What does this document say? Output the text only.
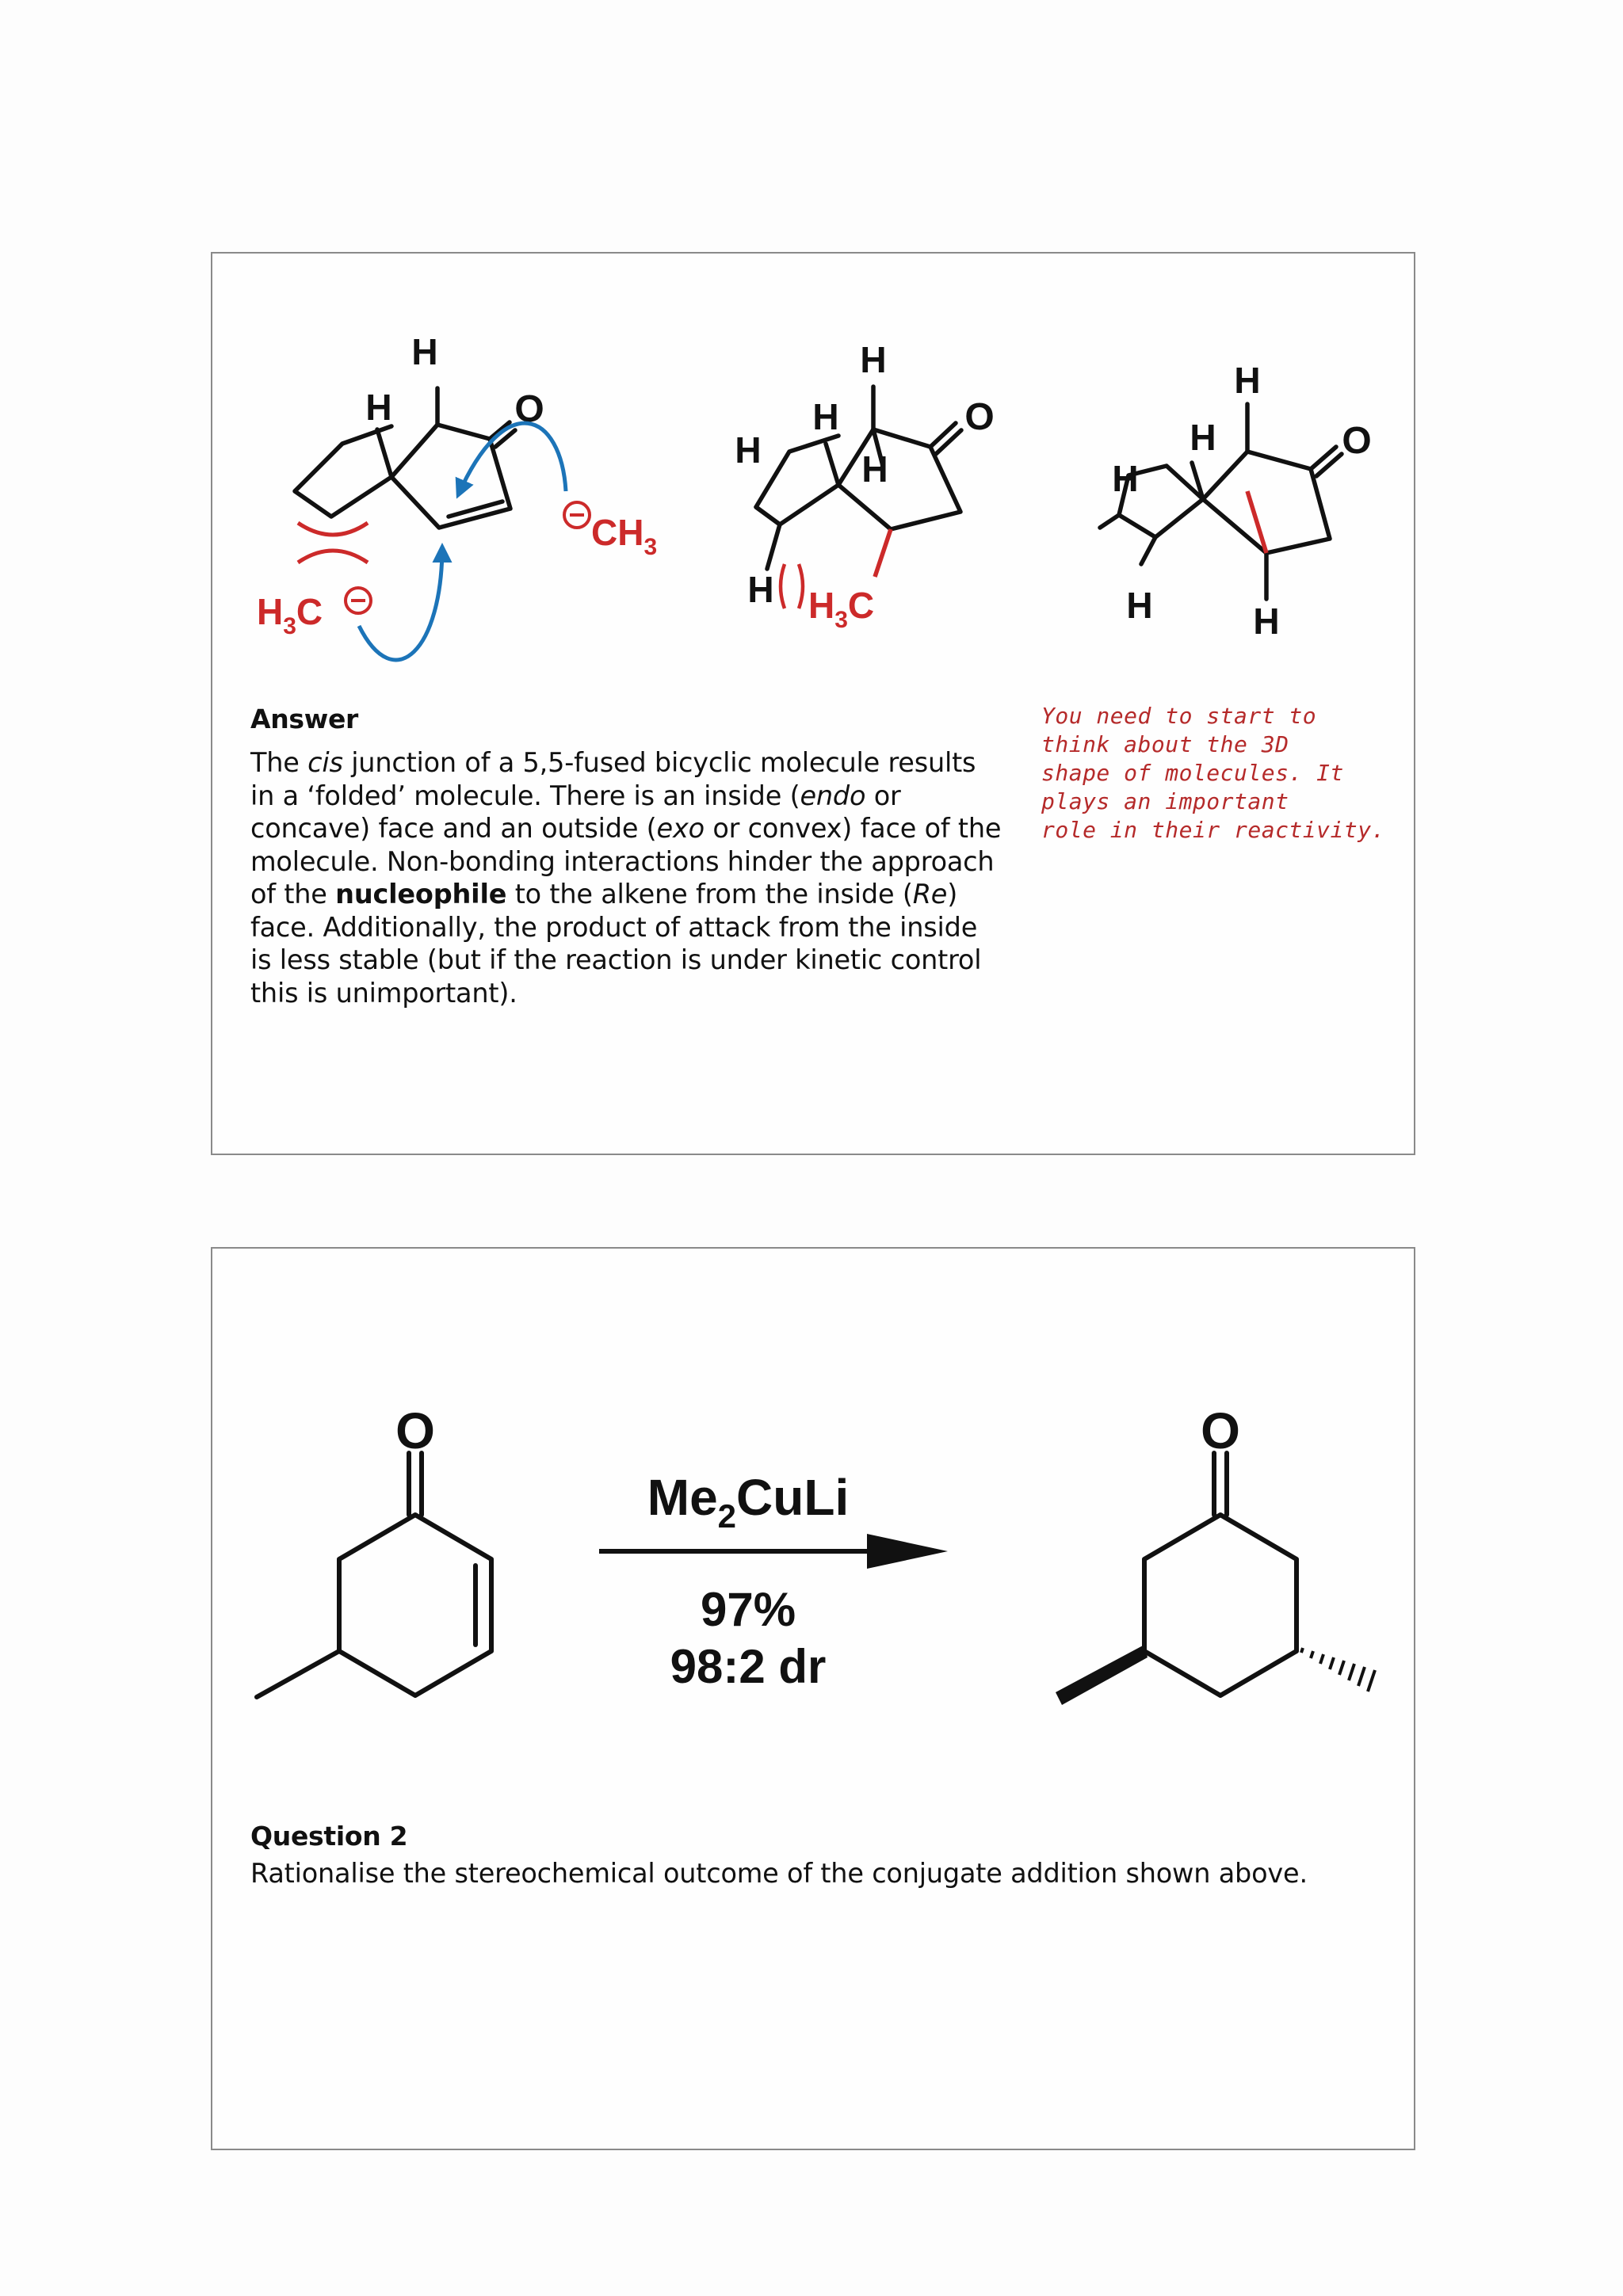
H
H	O
$H_3C$
$CH_3$
H
H
H	H
O
H $H_3C$
H
H
H
O
H	H
Answer
The cis junction of a 5,5-fused bicyclic molecule results
in a ‘folded’ molecule. There is an inside (endo or
concave) face and an outside (exo or convex) face of the
molecule. Non-bonding interactions hinder the approach
of the nucleophile to the alkene from the inside (Re)
face. Additionally, the product of attack from the inside
is less stable (but if the reaction is under kinetic control
this is unimportant).
You need to start to
think about the 3D
shape of molecules. It
plays an important
role in their reactivity.
O
$Me_2CuLi$
97%
98:2 dr
O
Question 2
Rationalise the stereochemical outcome of the conjugate addition shown above.
